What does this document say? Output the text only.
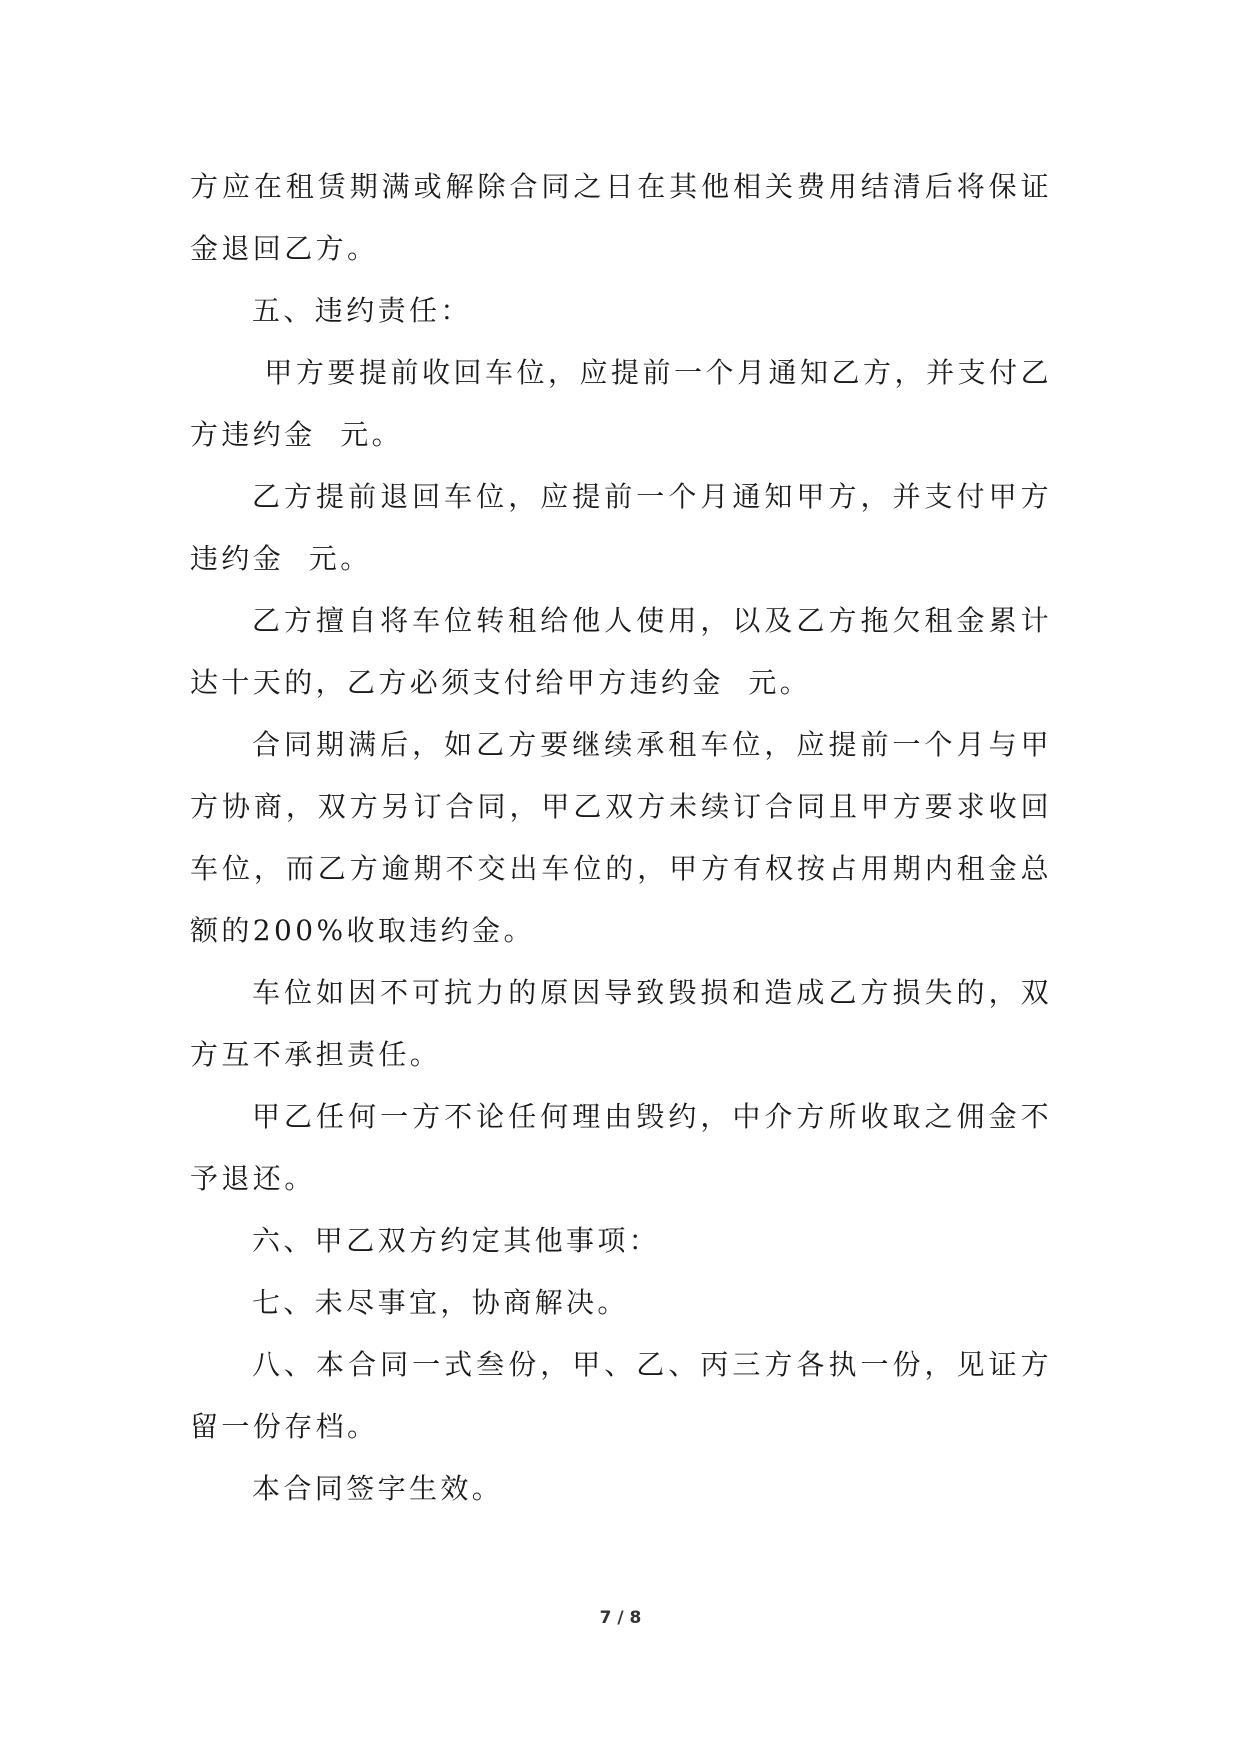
方应在租赁期满或解除合同之日在其他相关费用结清后将保证金退回乙方。

五、违约责任：

甲方要提前收回车位，应提前一个月通知乙方，并支付乙方违约金  元。

乙方提前退回车位，应提前一个月通知甲方，并支付甲方违约金  元。

乙方擅自将车位转租给他人使用，以及乙方拖欠租金累计达十天的，乙方必须支付给甲方违约金  元。

合同期满后，如乙方要继续承租车位，应提前一个月与甲方协商，双方另订合同，甲乙双方未续订合同且甲方要求收回车位，而乙方逾期不交出车位的，甲方有权按占用期内租金总额的200%收取违约金。

车位如因不可抗力的原因导致毁损和造成乙方损失的，双方互不承担责任。

甲乙任何一方不论任何理由毁约，中介方所收取之佣金不予退还。

六、甲乙双方约定其他事项：

七、未尽事宜，协商解决。

八、本合同一式叁份，甲、乙、丙三方各执一份，见证方留一份存档。

本合同签字生效。

7 / 8
